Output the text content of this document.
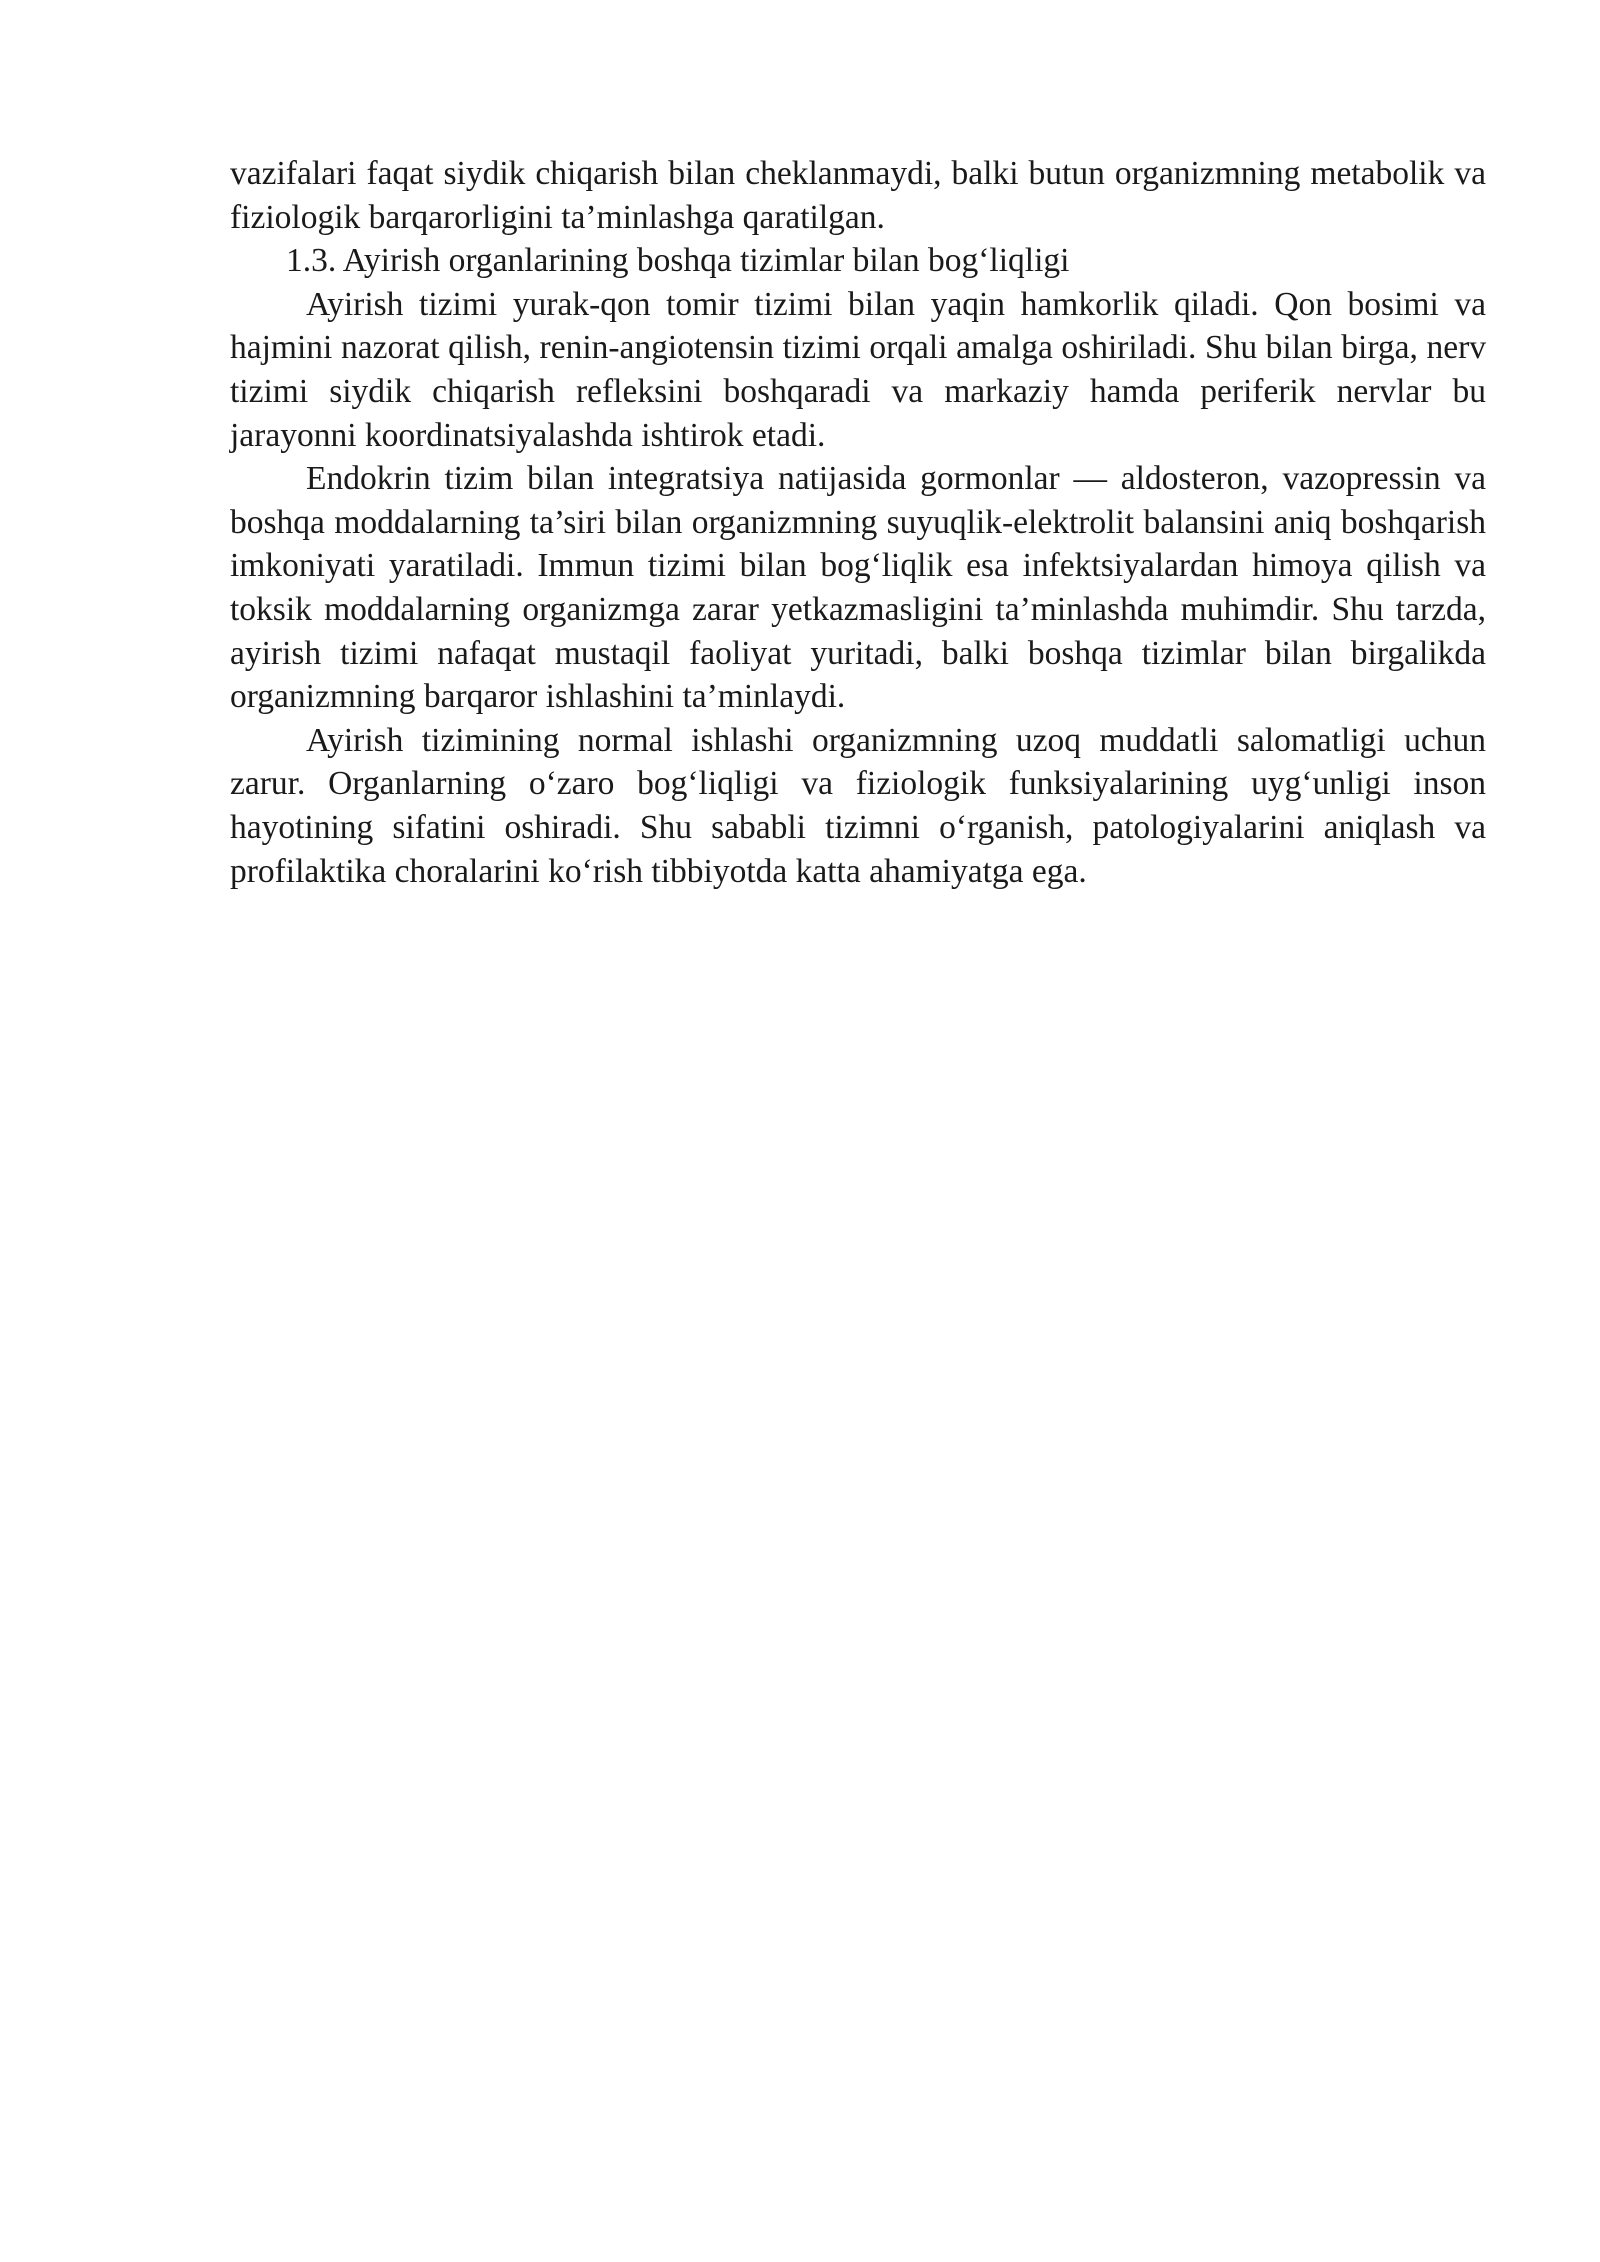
vazifalari faqat siydik chiqarish bilan cheklanmaydi, balki butun organizmning metabolik va fiziologik barqarorligini ta’minlashga qaratilgan.

1.3. Ayirish organlarining boshqa tizimlar bilan bog‘liqligi

Ayirish tizimi yurak-qon tomir tizimi bilan yaqin hamkorlik qiladi. Qon bosimi va hajmini nazorat qilish, renin-angiotensin tizimi orqali amalga oshiriladi. Shu bilan birga, nerv tizimi siydik chiqarish refleksini boshqaradi va markaziy hamda periferik nervlar bu jarayonni koordinatsiyalashda ishtirok etadi.

Endokrin tizim bilan integratsiya natijasida gormonlar — aldosteron, vazopressin va boshqa moddalarning ta’siri bilan organizmning suyuqlik-elektrolit balansini aniq boshqarish imkoniyati yaratiladi. Immun tizimi bilan bog‘liqlik esa infektsiyalardan himoya qilish va toksik moddalarning organizmga zarar yetkazmasligini ta’minlashda muhimdir. Shu tarzda, ayirish tizimi nafaqat mustaqil faoliyat yuritadi, balki boshqa tizimlar bilan birgalikda organizmning barqaror ishlashini ta’minlaydi.

Ayirish tizimining normal ishlashi organizmning uzoq muddatli salomatligi uchun zarur. Organlarning o‘zaro bog‘liqligi va fiziologik funksiyalarining uyg‘unligi inson hayotining sifatini oshiradi. Shu sababli tizimni o‘rganish, patologiyalarini aniqlash va profilaktika choralarini ko‘rish tibbiyotda katta ahamiyatga ega.
